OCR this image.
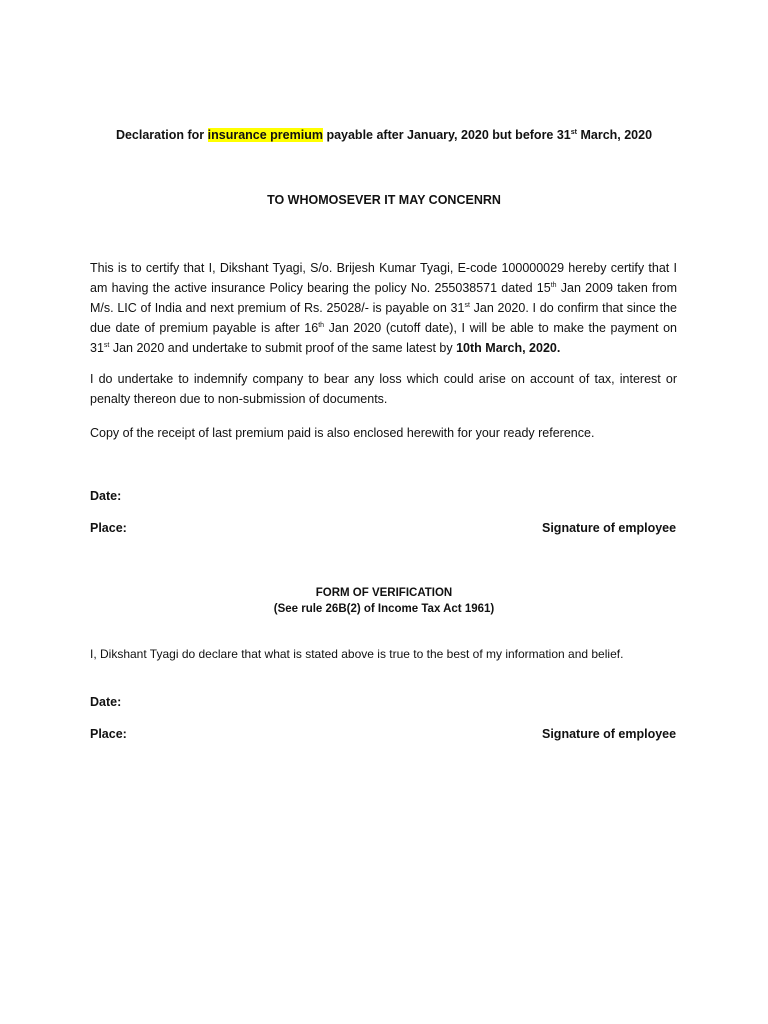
Declaration for insurance premium payable after January, 2020 but before 31st March, 2020
TO WHOMOSEVER IT MAY CONCENRN
This is to certify that I, Dikshant Tyagi, S/o. Brijesh Kumar Tyagi, E-code 100000029 hereby certify that I am having the active insurance Policy bearing the policy No. 255038571 dated 15th Jan 2009 taken from M/s. LIC of India and next premium of Rs. 25028/- is payable on 31st Jan 2020. I do confirm that since the due date of premium payable is after 16th Jan 2020 (cutoff date), I will be able to make the payment on 31st Jan 2020 and undertake to submit proof of the same latest by 10th March, 2020.
I do undertake to indemnify company to bear any loss which could arise on account of tax, interest or penalty thereon due to non-submission of documents.
Copy of the receipt of last premium paid is also enclosed herewith for your ready reference.
Date:
Place:	Signature of employee
FORM OF VERIFICATION
(See rule 26B(2) of Income Tax Act 1961)
I, Dikshant Tyagi do declare that what is stated above is true to the best of my information and belief.
Date:
Place:	Signature of employee
